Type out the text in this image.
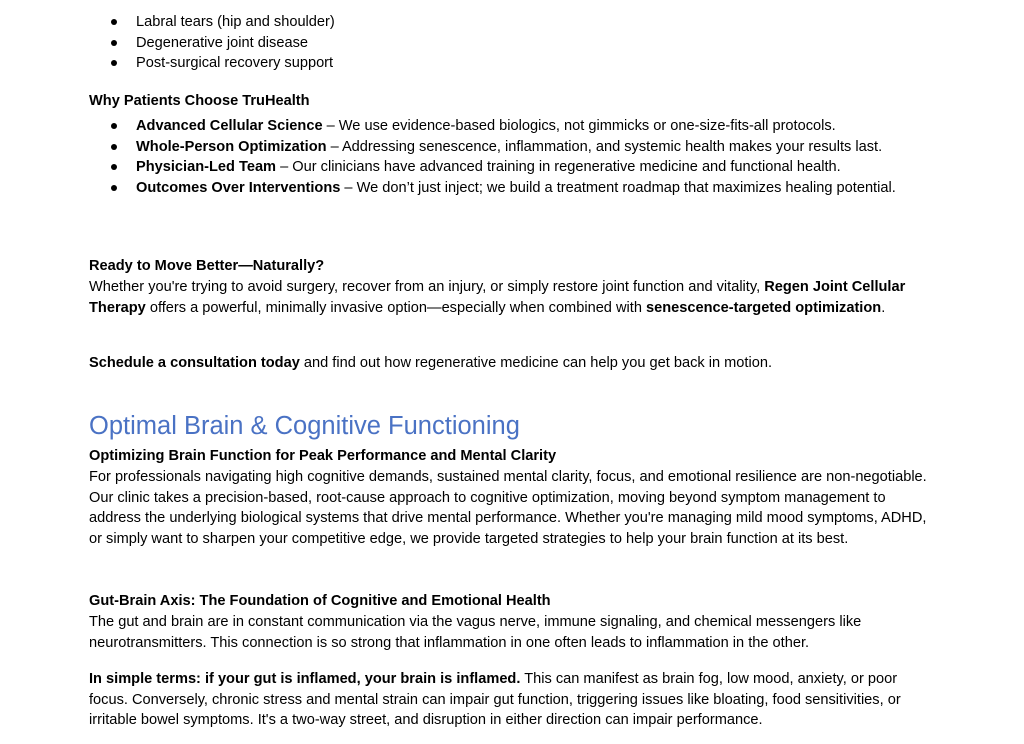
Labral tears (hip and shoulder)
Degenerative joint disease
Post-surgical recovery support
Why Patients Choose TruHealth
Advanced Cellular Science – We use evidence-based biologics, not gimmicks or one-size-fits-all protocols.
Whole-Person Optimization – Addressing senescence, inflammation, and systemic health makes your results last.
Physician-Led Team – Our clinicians have advanced training in regenerative medicine and functional health.
Outcomes Over Interventions – We don’t just inject; we build a treatment roadmap that maximizes healing potential.
Ready to Move Better—Naturally?
Whether you're trying to avoid surgery, recover from an injury, or simply restore joint function and vitality, Regen Joint Cellular Therapy offers a powerful, minimally invasive option—especially when combined with senescence-targeted optimization.
Schedule a consultation today and find out how regenerative medicine can help you get back in motion.
Optimal Brain & Cognitive Functioning
Optimizing Brain Function for Peak Performance and Mental Clarity
For professionals navigating high cognitive demands, sustained mental clarity, focus, and emotional resilience are non-negotiable. Our clinic takes a precision-based, root-cause approach to cognitive optimization, moving beyond symptom management to address the underlying biological systems that drive mental performance. Whether you're managing mild mood symptoms, ADHD, or simply want to sharpen your competitive edge, we provide targeted strategies to help your brain function at its best.
Gut-Brain Axis: The Foundation of Cognitive and Emotional Health
The gut and brain are in constant communication via the vagus nerve, immune signaling, and chemical messengers like neurotransmitters. This connection is so strong that inflammation in one often leads to inflammation in the other.
In simple terms: if your gut is inflamed, your brain is inflamed. This can manifest as brain fog, low mood, anxiety, or poor focus. Conversely, chronic stress and mental strain can impair gut function, triggering issues like bloating, food sensitivities, or irritable bowel symptoms. It's a two-way street, and disruption in either direction can impair performance.
